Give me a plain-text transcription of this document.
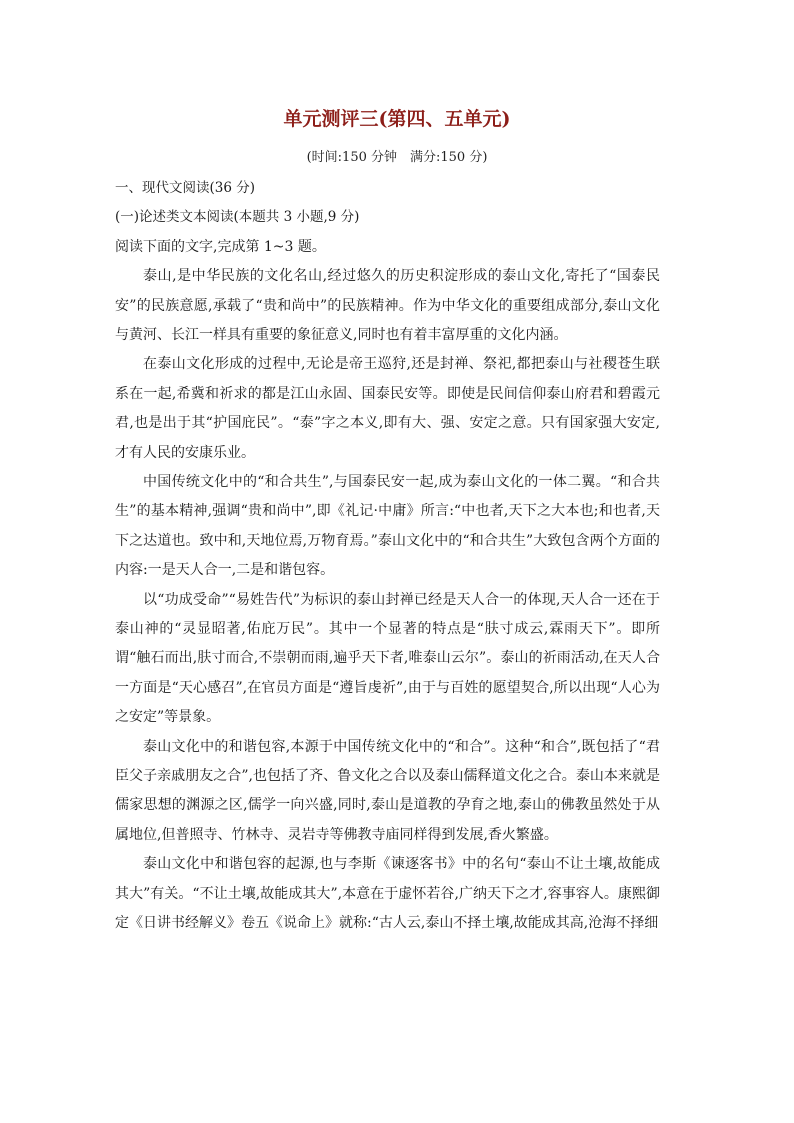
单元测评三(第四、五单元)
(时间:150 分钟　满分:150 分)
一、现代文阅读(36 分)
(一)论述类文本阅读(本题共 3 小题,9 分)
阅读下面的文字,完成第 1~3 题。

泰山,是中华民族的文化名山,经过悠久的历史积淀形成的泰山文化,寄托了“国泰民安”的民族意愿,承载了“贵和尚中”的民族精神。作为中华文化的重要组成部分,泰山文化与黄河、长江一样具有重要的象征意义,同时也有着丰富厚重的文化内涵。

在泰山文化形成的过程中,无论是帝王巡狩,还是封禅、祭祀,都把泰山与社稷苍生联系在一起,希冀和祈求的都是江山永固、国泰民安等。即使是民间信仰泰山府君和碧霞元君,也是出于其“护国庇民”。“泰”字之本义,即有大、强、安定之意。只有国家强大安定,才有人民的安康乐业。

中国传统文化中的“和合共生”,与国泰民安一起,成为泰山文化的一体二翼。“和合共生”的基本精神,强调“贵和尚中”,即《礼记·中庸》所言:“中也者,天下之大本也;和也者,天下之达道也。致中和,天地位焉,万物育焉。”泰山文化中的“和合共生”大致包含两个方面的内容:一是天人合一,二是和谐包容。

以“功成受命”“易姓告代”为标识的泰山封禅已经是天人合一的体现,天人合一还在于泰山神的“灵显昭著,佑庇万民”。其中一个显著的特点是“肤寸成云,霖雨天下”。即所谓“触石而出,肤寸而合,不崇朝而雨,遍乎天下者,唯泰山云尔”。泰山的祈雨活动,在天人合一方面是“天心感召”,在官员方面是“遵旨虔祈”,由于与百姓的愿望契合,所以出现“人心为之安定”等景象。

泰山文化中的和谐包容,本源于中国传统文化中的“和合”。这种“和合”,既包括了“君臣父子亲戚朋友之合”,也包括了齐、鲁文化之合以及泰山儒释道文化之合。泰山本来就是儒家思想的渊源之区,儒学一向兴盛,同时,泰山是道教的孕育之地,泰山的佛教虽然处于从属地位,但普照寺、竹林寺、灵岩寺等佛教寺庙同样得到发展,香火繁盛。

泰山文化中和谐包容的起源,也与李斯《谏逐客书》中的名句“泰山不让土壤,故能成其大”有关。“不让土壤,故能成其大”,本意在于虚怀若谷,广纳天下之才,容事容人。康熙御定《日讲书经解义》卷五《说命上》就称:“古人云,泰山不择土壤,故能成其高,沧海不择细
